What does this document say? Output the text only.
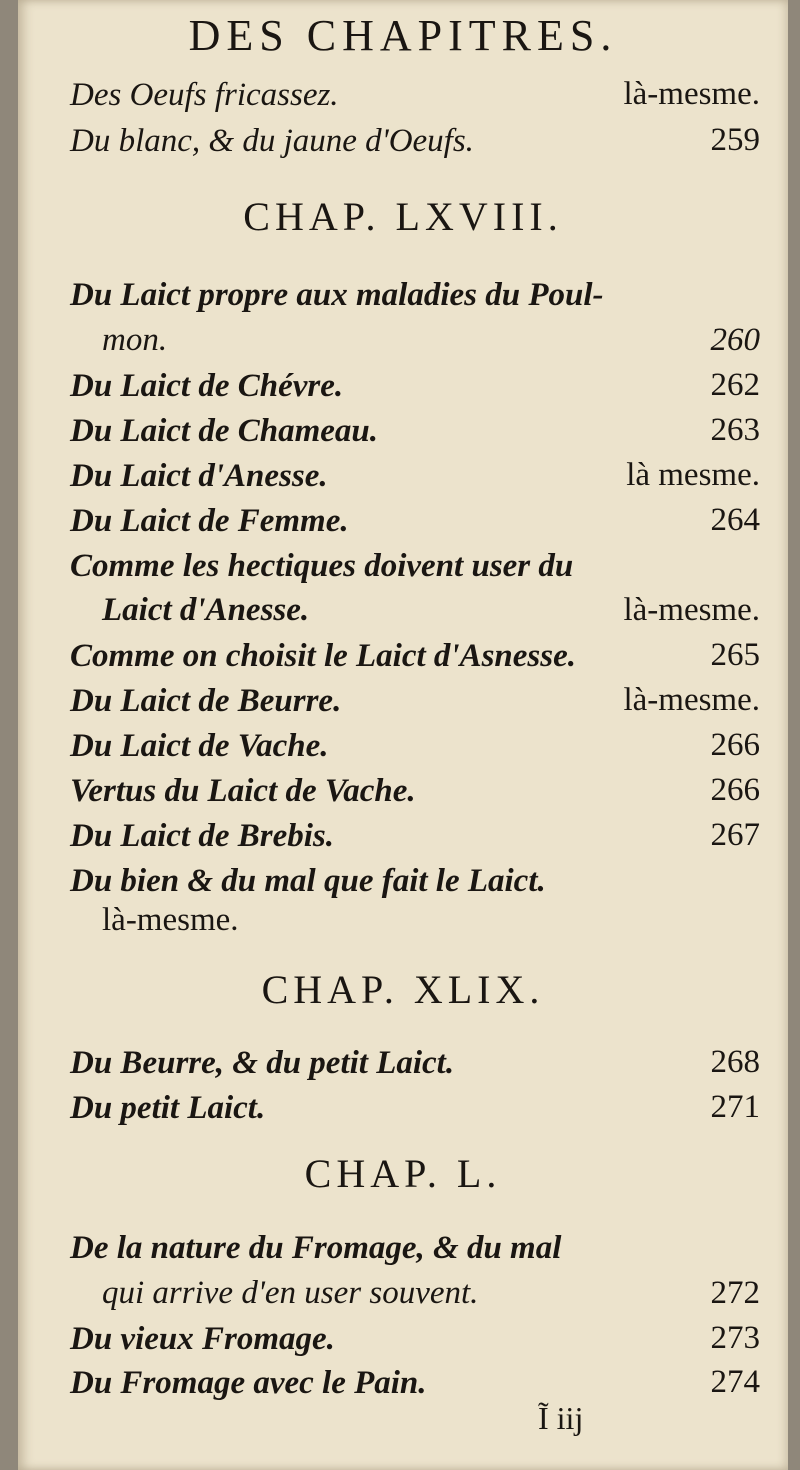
DES CHAPITRES.
Des Oeufs fricassez.	là-mesme.
Du blanc, & du jaune d'Oeufs.	259
CHAP. LXVIII.
Du Laict propre aux maladies du Poul-
mon.	260
Du Laict de Chévre.	262
Du Laict de Chameau.	263
Du Laict d'Anesse.	là mesme.
Du Laict de Femme.	264
Comme les hectiques doivent user du
Laict d'Anesse.	là-mesme.
Comme on choisit le Laict d'Asnesse.	265
Du Laict de Beurre.	là-mesme.
Du Laict de Vache.	266
Vertus du Laict de Vache.	266
Du Laict de Brebis.	267
Du bien & du mal que fait le Laict.
là-mesme.
CHAP. XLIX.
Du Beurre, & du petit Laict.	268
Du petit Laict.	271
CHAP. L.
De la nature du Fromage, & du mal
qui arrive d'en user souvent.	272
Du vieux Fromage.	273
Du Fromage avec le Pain.	274
Ĩ iij
